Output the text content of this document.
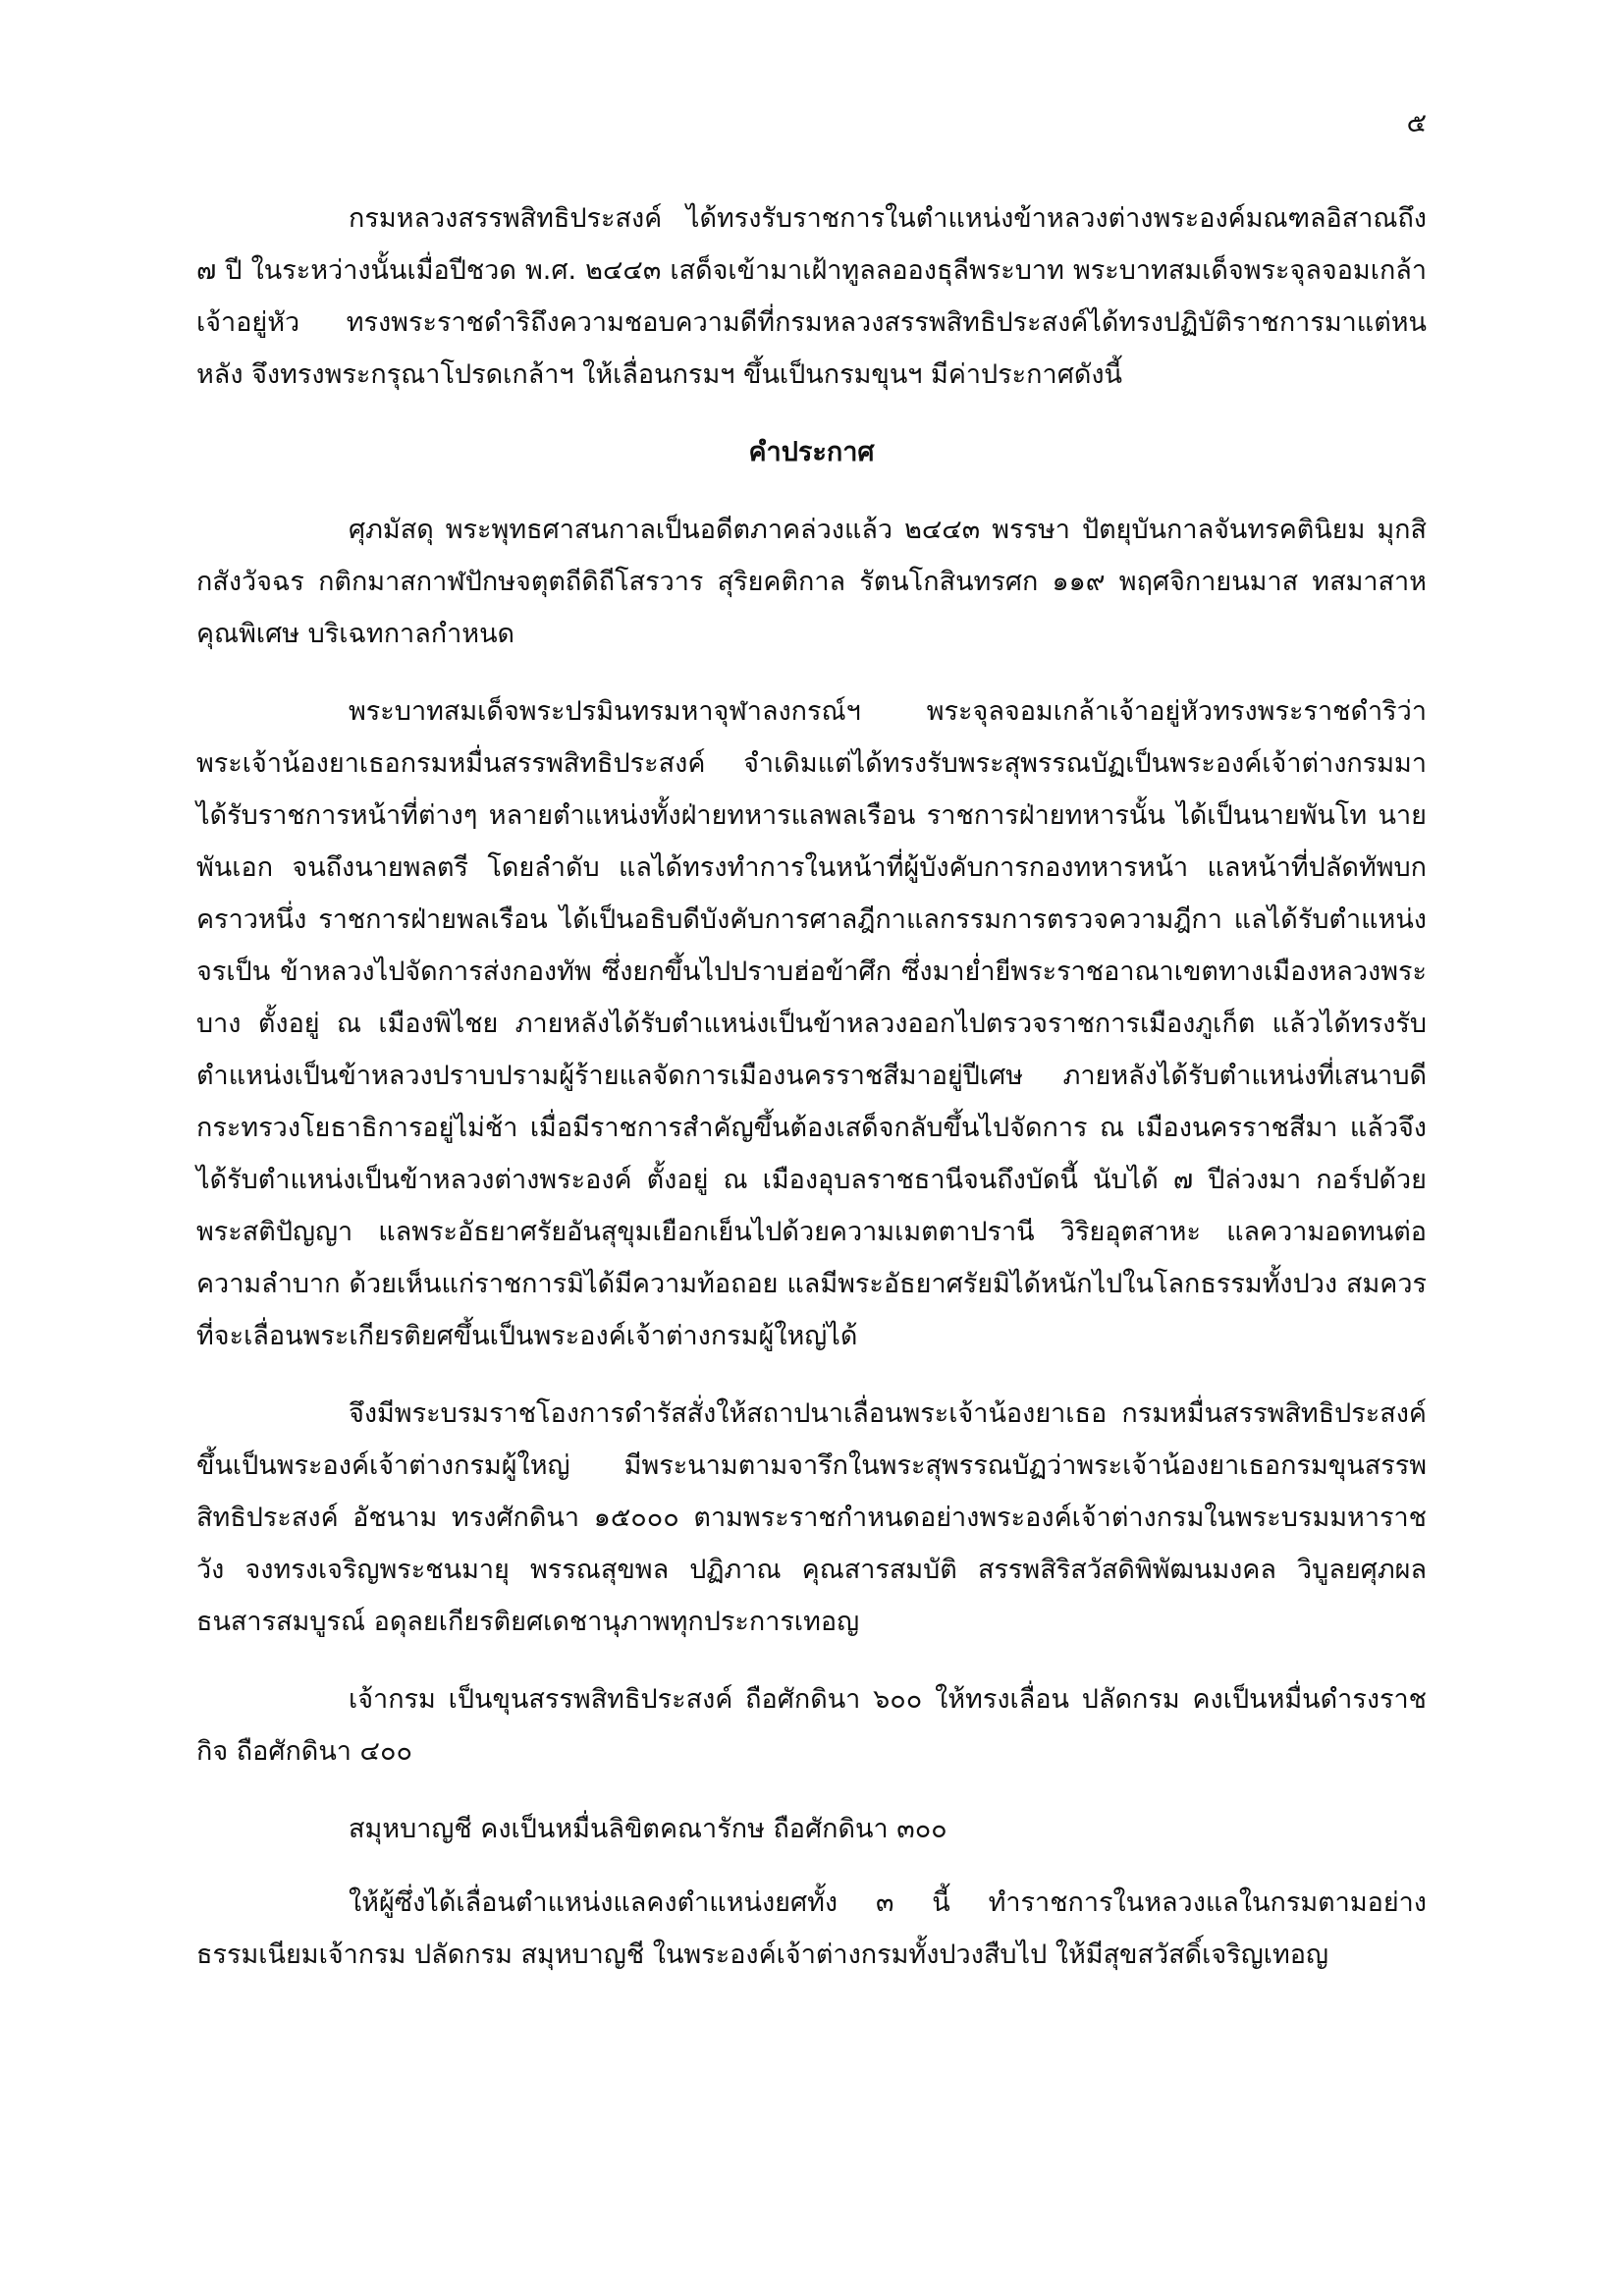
๕

กรมหลวงสรรพสิทธิประสงค์ ได้ทรงรับราชการในตำแหน่งข้าหลวงต่างพระองค์มณฑลอิสาณถึง ๗ ปี ในระหว่างนั้นเมื่อปีชวด พ.ศ. ๒๔๔๓ เสด็จเข้ามาเฝ้าทูลลอองธุลีพระบาท พระบาทสมเด็จพระจุลจอมเกล้าเจ้าอยู่หัว ทรงพระราชดำริถึงความชอบความดีที่กรมหลวงสรรพสิทธิประสงค์ได้ทรงปฏิบัติราชการมาแต่หนหลัง จึงทรงพระกรุณาโปรดเกล้าฯ ให้เลื่อนกรมฯ ขึ้นเป็นกรมขุนฯ มีค่าประกาศดังนี้

คำประกาศ

ศุภมัสดุ พระพุทธศาสนกาลเป็นอดีตภาคล่วงแล้ว ๒๔๔๓ พรรษา ปัตยุบันกาลจันทรคตินิยม มุกสิกสังวัจฉร กติกมาสกาฬปักษจตุตถีดิถีโสรวาร สุริยคติกาล รัตนโกสินทรศก ๑๑๙ พฤศจิกายนมาส ทสมาสาหคุณพิเศษ บริเฉทกาลกำหนด

พระบาทสมเด็จพระปรมินทรมหาจุฬาลงกรณ์ฯ พระจุลจอมเกล้าเจ้าอยู่หัวทรงพระราชดำริว่า พระเจ้าน้องยาเธอกรมหมื่นสรรพสิทธิประสงค์ จำเดิมแต่ได้ทรงรับพระสุพรรณบัฏเป็นพระองค์เจ้าต่างกรมมา ได้รับราชการหน้าที่ต่างๆ หลายตำแหน่งทั้งฝ่ายทหารแลพลเรือน ราชการฝ่ายทหารนั้น ได้เป็นนายพันโท นายพันเอก จนถึงนายพลตรี โดยลำดับ แลได้ทรงทำการในหน้าที่ผู้บังคับการกองทหารหน้า แลหน้าที่ปลัดทัพบกคราวหนึ่ง ราชการฝ่ายพลเรือน ได้เป็นอธิบดีบังคับการศาลฎีกาแลกรรมการตรวจความฎีกา แลได้รับตำแหน่งจรเป็น ข้าหลวงไปจัดการส่งกองทัพ ซึ่งยกขึ้นไปปราบฮ่อข้าศึก ซึ่งมาย่ำยีพระราชอาณาเขตทางเมืองหลวงพระบาง ตั้งอยู่ ณ เมืองพิไชย ภายหลังได้รับตำแหน่งเป็นข้าหลวงออกไปตรวจราชการเมืองภูเก็ต แล้วได้ทรงรับตำแหน่งเป็นข้าหลวงปราบปรามผู้ร้ายแลจัดการเมืองนครราชสีมาอยู่ปีเศษ ภายหลังได้รับตำแหน่งที่เสนาบดีกระทรวงโยธาธิการอยู่ไม่ช้า เมื่อมีราชการสำคัญขึ้นต้องเสด็จกลับขึ้นไปจัดการ ณ เมืองนครราชสีมา แล้วจึงได้รับตำแหน่งเป็นข้าหลวงต่างพระองค์ ตั้งอยู่ ณ เมืองอุบลราชธานีจนถึงบัดนี้ นับได้ ๗ ปีล่วงมา กอร์ปด้วยพระสติปัญญา แลพระอัธยาศรัยอันสุขุมเยือกเย็นไปด้วยความเมตตาปรานี วิริยอุตสาหะ แลความอดทนต่อความลำบาก ด้วยเห็นแก่ราชการมิได้มีความท้อถอย แลมีพระอัธยาศรัยมิได้หนักไปในโลกธรรมทั้งปวง สมควรที่จะเลื่อนพระเกียรติยศขึ้นเป็นพระองค์เจ้าต่างกรมผู้ใหญ่ได้

จึงมีพระบรมราชโองการดำรัสสั่งให้สถาปนาเลื่อนพระเจ้าน้องยาเธอ กรมหมื่นสรรพสิทธิประสงค์ ขึ้นเป็นพระองค์เจ้าต่างกรมผู้ใหญ่ มีพระนามตามจารึกในพระสุพรรณบัฏว่าพระเจ้าน้องยาเธอกรมขุนสรรพสิทธิประสงค์ อัชนาม ทรงศักดินา ๑๕๐๐๐ ตามพระราชกำหนดอย่างพระองค์เจ้าต่างกรมในพระบรมมหาราชวัง จงทรงเจริญพระชนมายุ พรรณสุขพล ปฏิภาณ คุณสารสมบัติ สรรพสิริสวัสดิพิพัฒนมงคล วิบูลยศุภผล ธนสารสมบูรณ์ อดุลยเกียรติยศเดชานุภาพทุกประการเทอญ

เจ้ากรม เป็นขุนสรรพสิทธิประสงค์ ถือศักดินา ๖๐๐ ให้ทรงเลื่อน ปลัดกรม คงเป็นหมื่นดำรงราชกิจ ถือศักดินา ๔๐๐

สมุหบาญชี คงเป็นหมื่นลิขิตคณารักษ ถือศักดินา ๓๐๐

ให้ผู้ซึ่งได้เลื่อนตำแหน่งแลคงตำแหน่งยศทั้ง ๓ นี้ ทำราชการในหลวงแลในกรมตามอย่างธรรมเนียมเจ้ากรม ปลัดกรม สมุหบาญชี ในพระองค์เจ้าต่างกรมทั้งปวงสืบไป ให้มีสุขสวัสดิ์เจริญเทอญ
